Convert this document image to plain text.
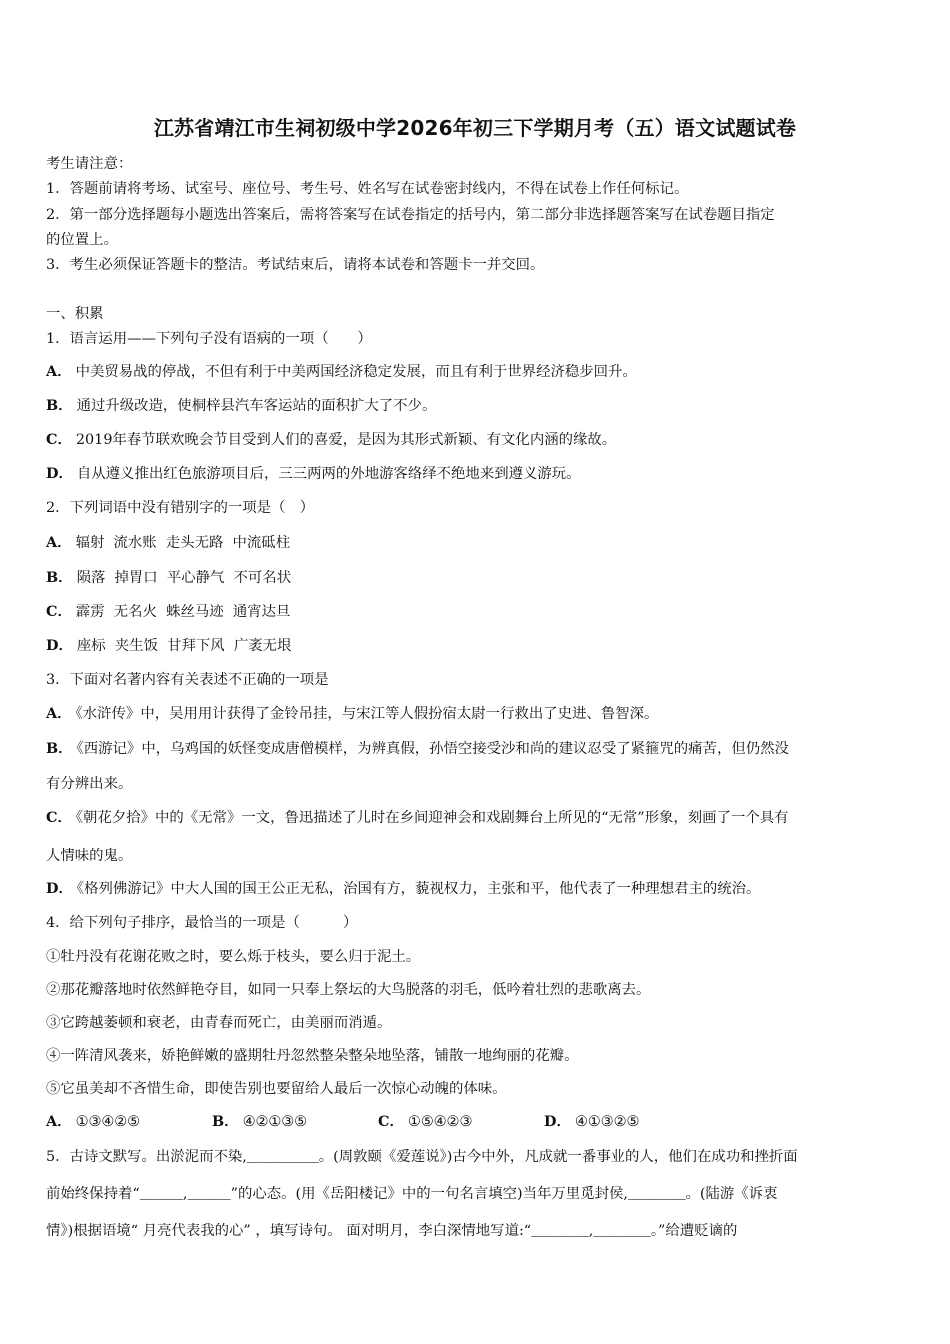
江苏省靖江市生祠初级中学2026年初三下学期月考（五）语文试题试卷
考生请注意：
1．答题前请将考场、试室号、座位号、考生号、姓名写在试卷密封线内，不得在试卷上作任何标记。
2．第一部分选择题每小题选出答案后，需将答案写在试卷指定的括号内，第二部分非选择题答案写在试卷题目指定
的位置上。
3．考生必须保证答题卡的整洁。考试结束后，请将本试卷和答题卡一并交回。
一、积累
1．语言运用——下列句子没有语病的一项（　　）
A． 中美贸易战的停战，不但有利于中美两国经济稳定发展，而且有利于世界经济稳步回升。
B． 通过升级改造，使桐梓县汽车客运站的面积扩大了不少。
C． 2019年春节联欢晚会节目受到人们的喜爱，是因为其形式新颖、有文化内涵的缘故。
D． 自从遵义推出红色旅游项目后，三三两两的外地游客络绎不绝地来到遵义游玩。
2．下列词语中没有错别字的一项是（　）
A． 辐射  流水账  走头无路  中流砥柱
B． 陨落  掉胃口  平心静气  不可名状
C． 霹雳  无名火  蛛丝马迹  通宵达旦
D． 座标  夹生饭  甘拜下风  广袤无垠
3．下面对名著内容有关表述不正确的一项是
A． 《水浒传》中，吴用用计获得了金铃吊挂，与宋江等人假扮宿太尉一行救出了史进、鲁智深。
B． 《西游记》中，乌鸡国的妖怪变成唐僧模样，为辨真假，孙悟空接受沙和尚的建议忍受了紧箍咒的痛苦，但仍然没
有分辨出来。
C． 《朝花夕拾》中的《无常》一文，鲁迅描述了儿时在乡间迎神会和戏剧舞台上所见的“无常”形象，刻画了一个具有
人情味的鬼。
D． 《格列佛游记》中大人国的国王公正无私，治国有方，藐视权力，主张和平，他代表了一种理想君主的统治。
4．给下列句子排序，最恰当的一项是（　　　）
①牡丹没有花谢花败之时，要么烁于枝头，要么归于泥土。
②那花瓣落地时依然鲜艳夺目，如同一只奉上祭坛的大鸟脱落的羽毛，低吟着壮烈的悲歌离去。
③它跨越萎顿和衰老，由青春而死亡，由美丽而消遁。
④一阵清风袭来，娇艳鲜嫩的盛期牡丹忽然整朵整朵地坠落，铺散一地绚丽的花瓣。
⑤它虽美却不吝惜生命，即使告别也要留给人最后一次惊心动魄的体味。
A． ①③④②⑤	B． ④②①③⑤	C． ①⑤④②③	D． ④①③②⑤
5．古诗文默写。出淤泥而不染,＿＿＿＿＿。(周敦颐《爱莲说》)古今中外，凡成就一番事业的人，他们在成功和挫折面
前始终保持着“＿＿＿,＿＿＿”的心态。(用《岳阳楼记》中的一句名言填空)当年万里觅封侯,＿＿＿＿。(陆游《诉衷
情》)根据语境“ 月亮代表我的心” ，填写诗句。 面对明月，李白深情地写道:“＿＿＿＿,＿＿＿＿。”给遭贬谪的
